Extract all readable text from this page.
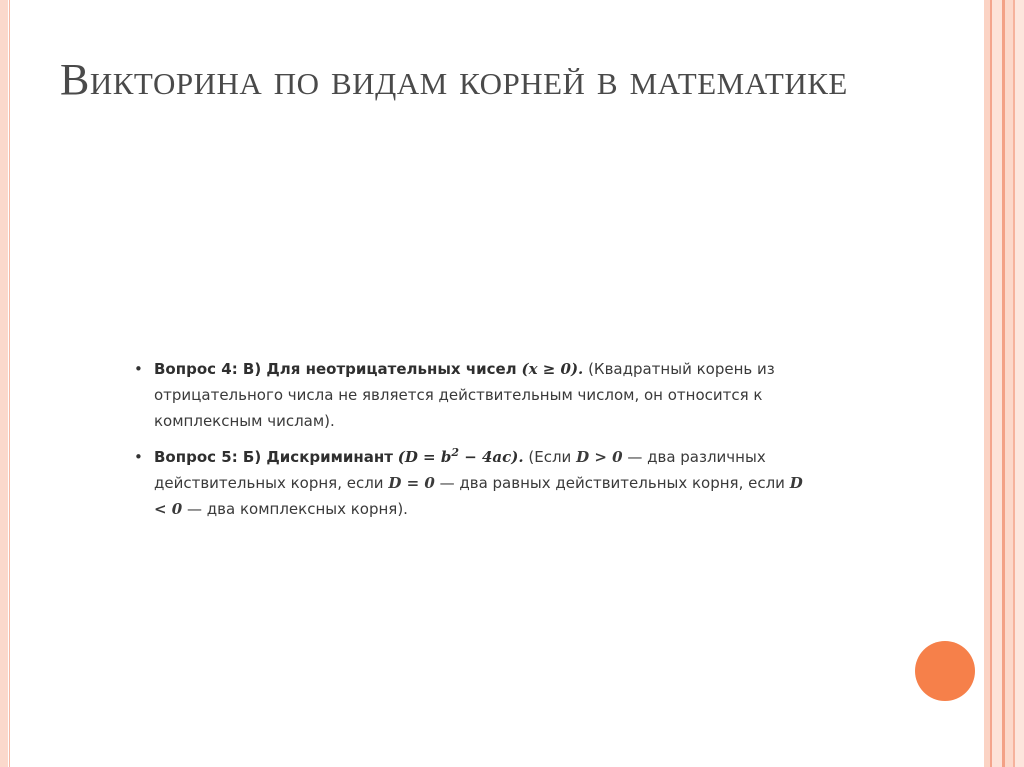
Викторина по видам корней в математике
• Вопрос 4: В) Для неотрицательных чисел (x ≥ 0). (Квадратный корень из отрицательного числа не является действительным числом, он относится к комплексным числам).
• Вопрос 5: Б) Дискриминант $(D = b^2 - 4ac)$. (Если D > 0 — два различных действительных корня, если D = 0 — два равных действительных корня, если D < 0 — два комплексных корня).
